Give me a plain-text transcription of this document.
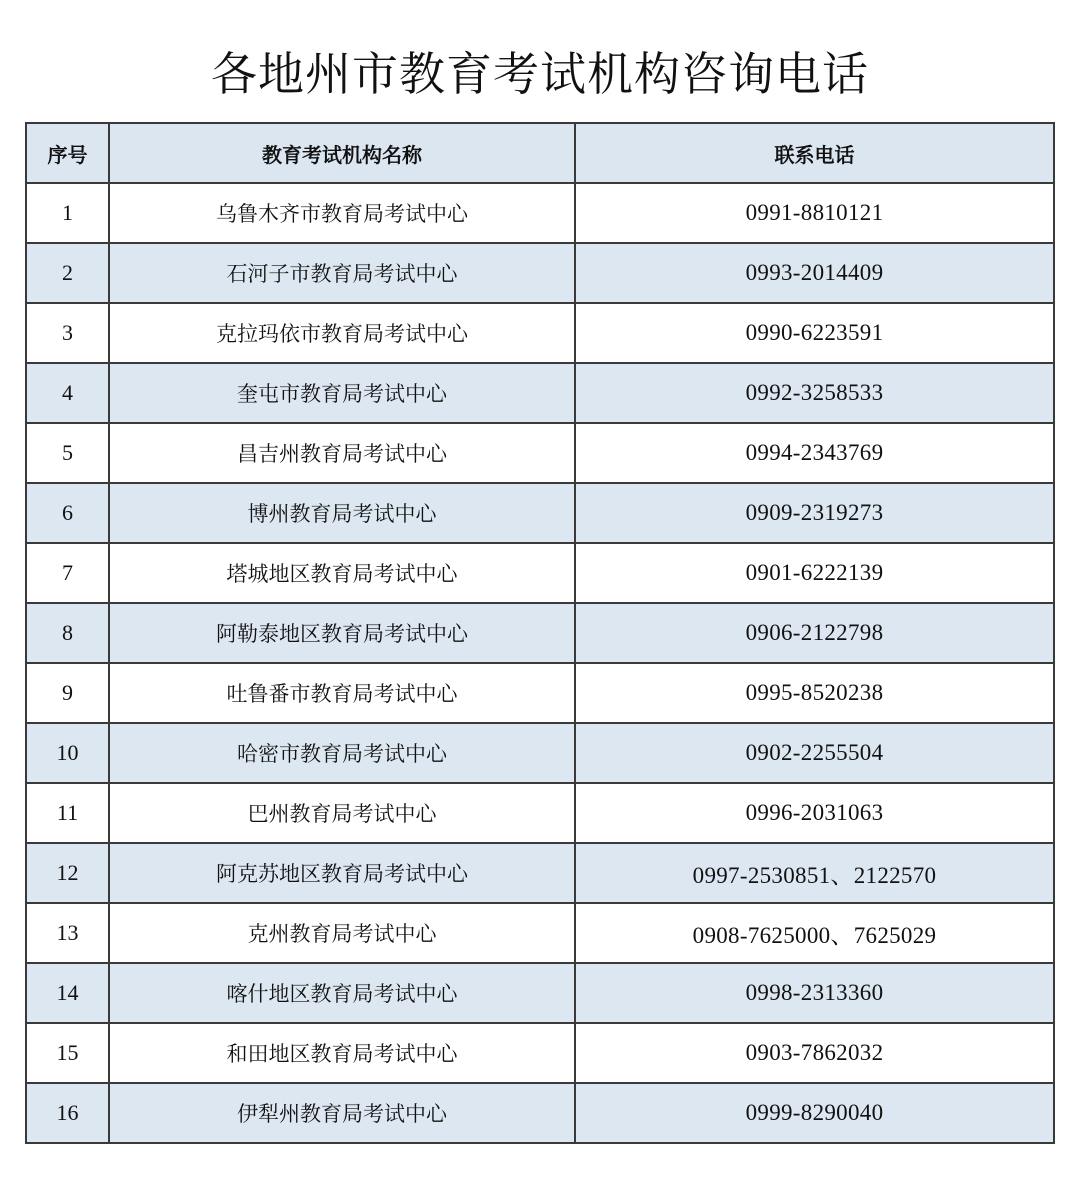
各地州市教育考试机构咨询电话
序号	教育考试机构名称	联系电话
1	乌鲁木齐市教育局考试中心	0991-8810121
2	石河子市教育局考试中心	0993-2014409
3	克拉玛依市教育局考试中心	0990-6223591
4	奎屯市教育局考试中心	0992-3258533
5	昌吉州教育局考试中心	0994-2343769
6	博州教育局考试中心	0909-2319273
7	塔城地区教育局考试中心	0901-6222139
8	阿勒泰地区教育局考试中心	0906-2122798
9	吐鲁番市教育局考试中心	0995-8520238
10	哈密市教育局考试中心	0902-2255504
11	巴州教育局考试中心	0996-2031063
12	阿克苏地区教育局考试中心	0997-2530851、2122570
13	克州教育局考试中心	0908-7625000、7625029
14	喀什地区教育局考试中心	0998-2313360
15	和田地区教育局考试中心	0903-7862032
16	伊犁州教育局考试中心	0999-8290040
